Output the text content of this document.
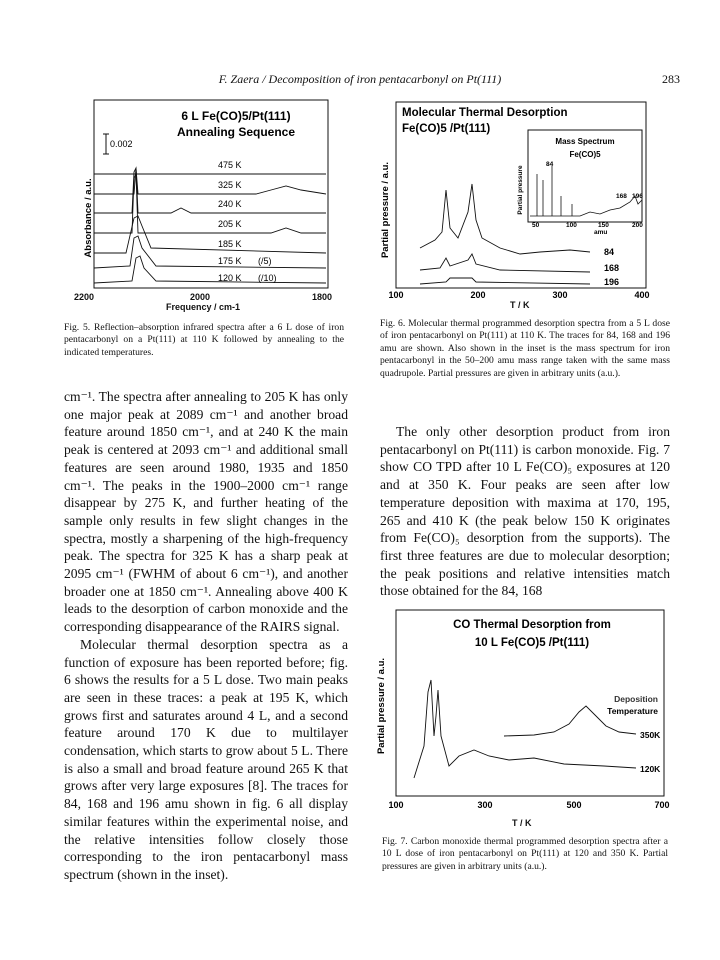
F. Zaera / Decomposition of iron pentacarbonyl on Pt(111)	283
6 L Fe(CO)5/Pt(111)
Annealing Sequence
0.002
Absorbance / a.u.
475 K
325 K
240 K
205 K
185 K
175 K (/5)
120 K (/10)
2200	2000	1800
Frequency / cm-1
Fig. 5. Reflection–absorption infrared spectra after a 6 L dose of iron pentacarbonyl on a Pt(111) at 110 K followed by annealing to the indicated temperatures.
Molecular Thermal Desorption
Fe(CO)5 /Pt(111)
Partial pressure / a.u.
Mass Spectrum
Fe(CO)5
Partial pressure
84
168 196
50	100	150	200
amu
84
168
196
100	200	300	400
T / K
Fig. 6. Molecular thermal programmed desorption spectra from a 5 L dose of iron pentacarbonyl on Pt(111) at 110 K. The traces for 84, 168 and 196 amu are shown. Also shown in the inset is the mass spectrum for iron pentacarbonyl in the 50–200 amu mass range taken with the same mass quadrupole. Partial pressures are given in arbitrary units (a.u.).

cm⁻¹. The spectra after annealing to 205 K has only one major peak at 2089 cm⁻¹ and another broad feature around 1850 cm⁻¹, and at 240 K the main peak is centered at 2093 cm⁻¹ and additional small features are seen around 1980, 1935 and 1850 cm⁻¹. The peaks in the 1900–2000 cm⁻¹ range disappear by 275 K, and further heating of the sample only results in few slight changes in the spectra, mostly a sharpening of the high-frequency peak. The spectra for 325 K has a sharp peak at 2095 cm⁻¹ (FWHM of about 6 cm⁻¹), and another broader one at 1850 cm⁻¹. Annealing above 400 K leads to the desorption of carbon monoxide and the corresponding disappearance of the RAIRS signal.

Molecular thermal desorption spectra as a function of exposure has been reported before; fig. 6 shows the results for a 5 L dose. Two main peaks are seen in these traces: a peak at 195 K, which grows first and saturates around 4 L, and a second feature around 170 K due to multilayer condensation, which starts to grow about 5 L. There is also a small and broad feature around 265 K that grows after very large exposures [8]. The traces for 84, 168 and 196 amu shown in fig. 6 all display similar features within the experimental noise, and the relative intensities follow closely those corresponding to the iron pentacarbonyl mass spectrum (shown in the inset).

The only other desorption product from iron pentacarbonyl on Pt(111) is carbon monoxide. Fig. 7 show CO TPD after 10 L Fe(CO)₅ exposures at 120 and at 350 K. Four peaks are seen after low temperature deposition with maxima at 170, 195, 265 and 410 K (the peak below 150 K originates from Fe(CO)₅ desorption from the supports). The first three features are due to molecular desorption; the peak positions and relative intensities match those obtained for the 84, 168

CO Thermal Desorption from
10 L Fe(CO)5 /Pt(111)
Partial pressure / a.u.	Deposition
Temperature
350K
120K
100	300	500	700
T / K
Fig. 7. Carbon monoxide thermal programmed desorption spectra after a 10 L dose of iron pentacarbonyl on Pt(111) at 120 and 350 K. Partial pressures are given in arbitrary units (a.u.).
